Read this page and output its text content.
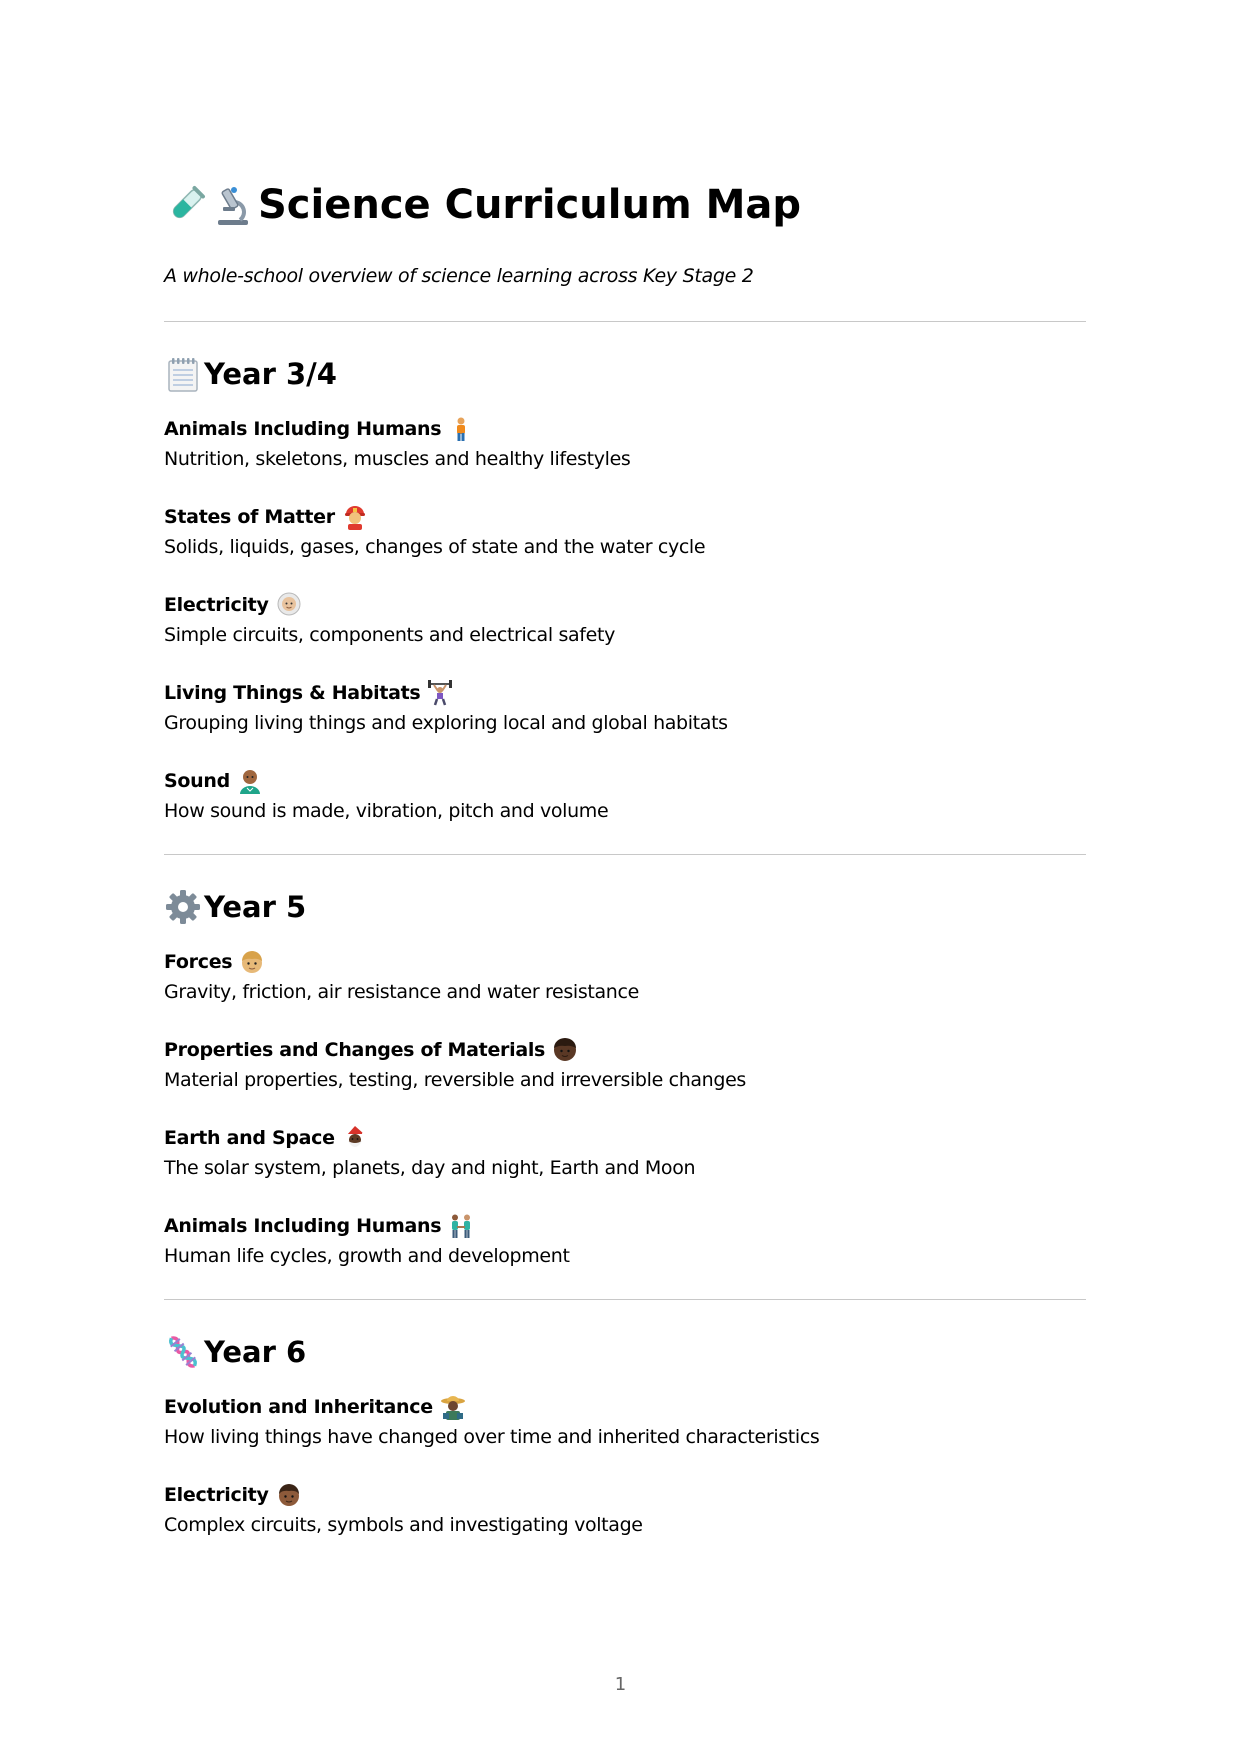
Science Curriculum Map

A whole-school overview of science learning across Key Stage 2

Year 3/4
Animals Including Humans
Nutrition, skeletons, muscles and healthy lifestyles
States of Matter
Solids, liquids, gases, changes of state and the water cycle
Electricity
Simple circuits, components and electrical safety
Living Things & Habitats
Grouping living things and exploring local and global habitats
Sound
How sound is made, vibration, pitch and volume
Year 5
Forces
Gravity, friction, air resistance and water resistance
Properties and Changes of Materials
Material properties, testing, reversible and irreversible changes
Earth and Space
The solar system, planets, day and night, Earth and Moon
Animals Including Humans
Human life cycles, growth and development
Year 6
Evolution and Inheritance
How living things have changed over time and inherited characteristics
Electricity
Complex circuits, symbols and investigating voltage
1
